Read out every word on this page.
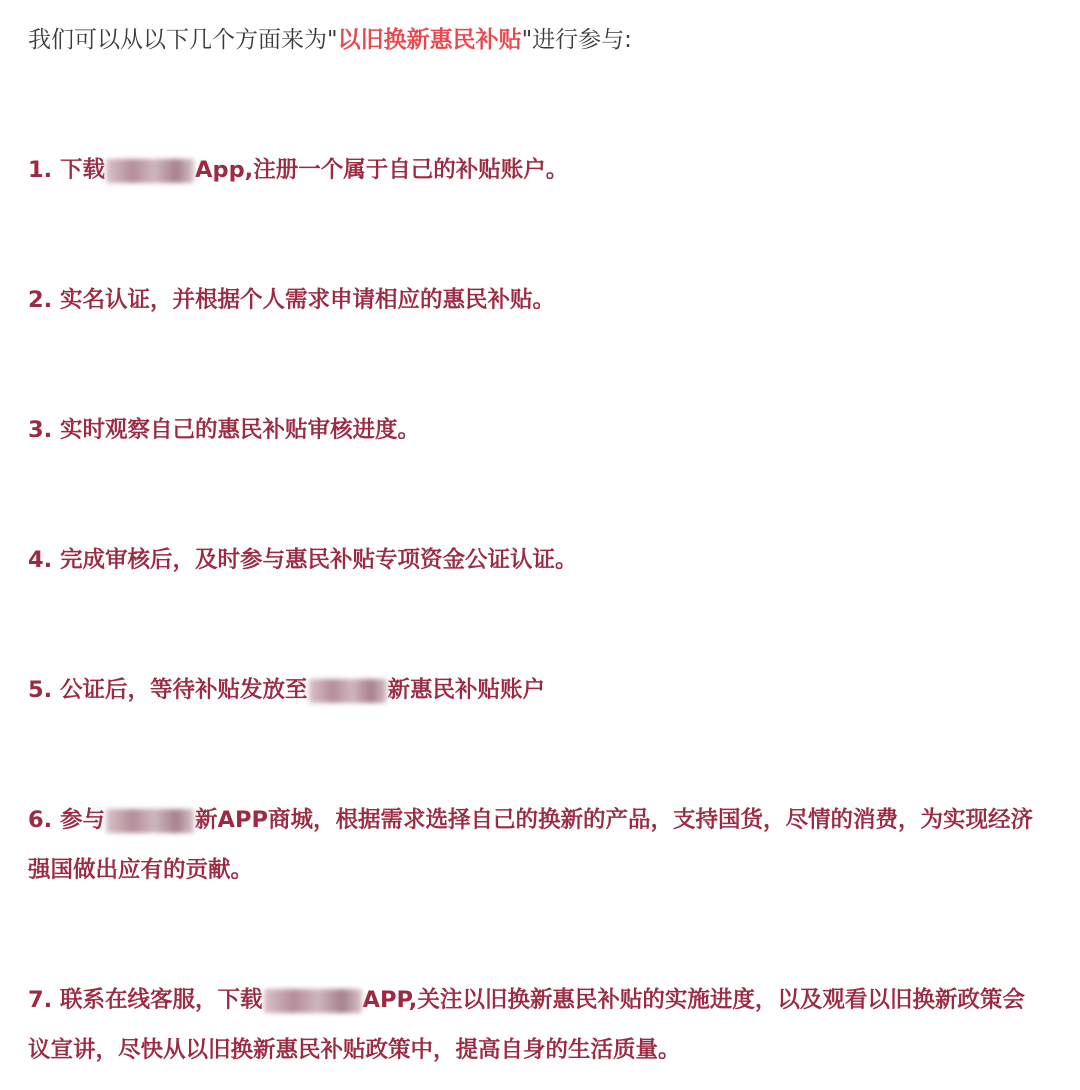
我们可以从以下几个方面来为"以旧换新惠民补贴"进行参与:
1. 下载	App,注册一个属于自己的补贴账户。
2. 实名认证，并根据个人需求申请相应的惠民补贴。
3. 实时观察自己的惠民补贴审核进度。
4. 完成审核后，及时参与惠民补贴专项资金公证认证。
5. 公证后，等待补贴发放至	新惠民补贴账户
6. 参与	新APP商城，根据需求选择自己的换新的产品，支持国货，尽情的消费，为实现经济强国做出应有的贡献。
7. 联系在线客服，下载	APP,关注以旧换新惠民补贴的实施进度，以及观看以旧换新政策会议宣讲，尽快从以旧换新惠民补贴政策中，提高自身的生活质量。
